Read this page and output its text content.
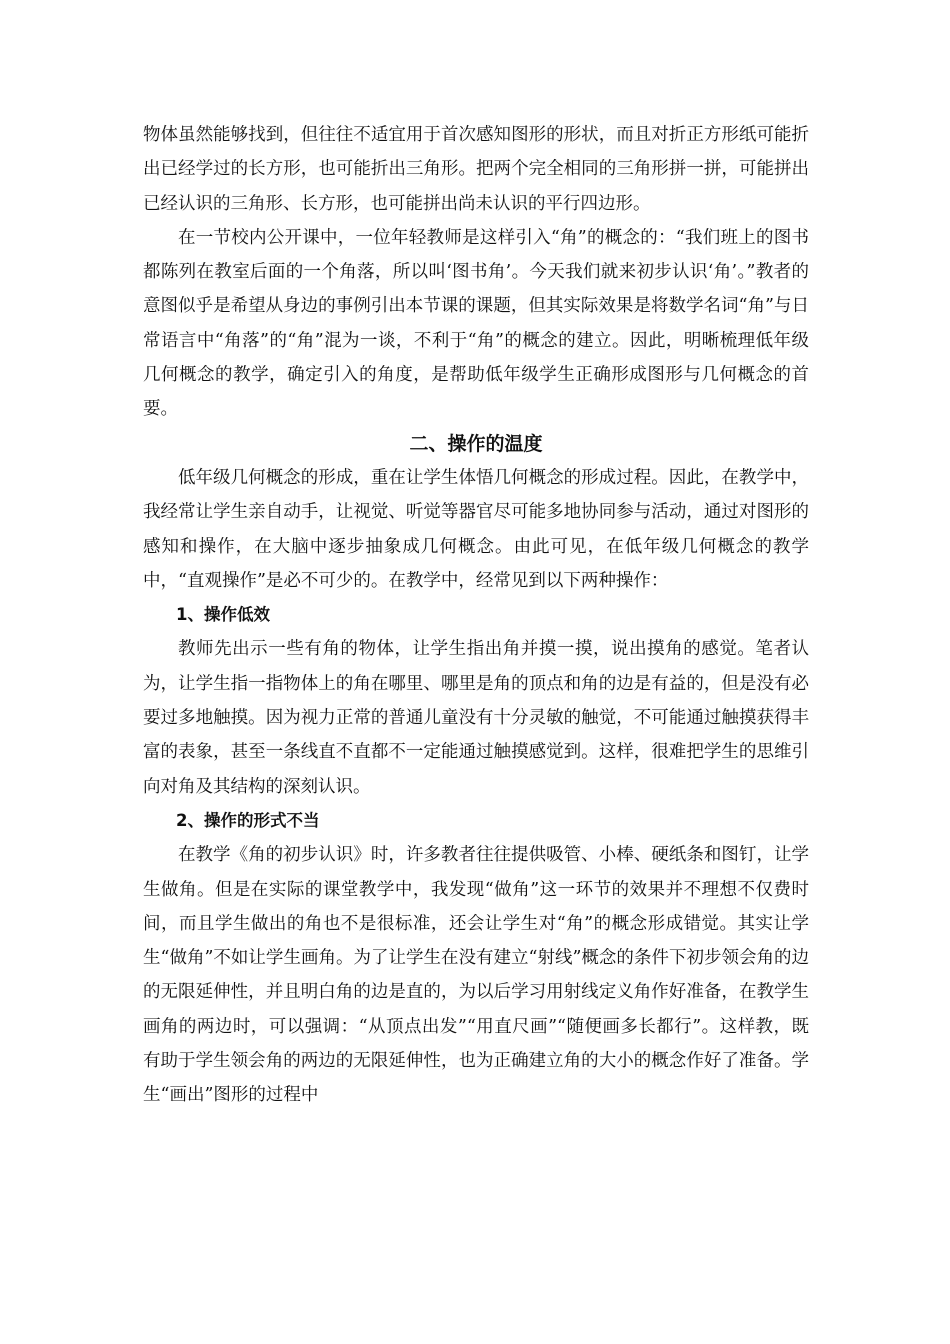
物体虽然能够找到，但往往不适宜用于首次感知图形的形状，而且对折正方形纸可能折出已经学过的长方形，也可能折出三角形。把两个完全相同的三角形拼一拼，可能拼出已经认识的三角形、长方形，也可能拼出尚未认识的平行四边形。

在一节校内公开课中，一位年轻教师是这样引入“角”的概念的：“我们班上的图书都陈列在教室后面的一个角落，所以叫‘图书角’。今天我们就来初步认识‘角’。”教者的意图似乎是希望从身边的事例引出本节课的课题，但其实际效果是将数学名词“角”与日常语言中“角落”的“角”混为一谈，不利于“角”的概念的建立。因此，明晰梳理低年级几何概念的教学，确定引入的角度，是帮助低年级学生正确形成图形与几何概念的首要。

二、操作的温度

低年级几何概念的形成，重在让学生体悟几何概念的形成过程。因此，在教学中，我经常让学生亲自动手，让视觉、听觉等器官尽可能多地协同参与活动，通过对图形的感知和操作，在大脑中逐步抽象成几何概念。由此可见，在低年级几何概念的教学中，“直观操作”是必不可少的。在教学中，经常见到以下两种操作：

1、操作低效

教师先出示一些有角的物体，让学生指出角并摸一摸，说出摸角的感觉。笔者认为，让学生指一指物体上的角在哪里、哪里是角的顶点和角的边是有益的，但是没有必要过多地触摸。因为视力正常的普通儿童没有十分灵敏的触觉，不可能通过触摸获得丰富的表象，甚至一条线直不直都不一定能通过触摸感觉到。这样，很难把学生的思维引向对角及其结构的深刻认识。

2、操作的形式不当

在教学《角的初步认识》时，许多教者往往提供吸管、小棒、硬纸条和图钉，让学生做角。但是在实际的课堂教学中，我发现“做角”这一环节的效果并不理想不仅费时间，而且学生做出的角也不是很标准，还会让学生对“角”的概念形成错觉。其实让学生“做角”不如让学生画角。为了让学生在没有建立“射线”概念的条件下初步领会角的边的无限延伸性，并且明白角的边是直的，为以后学习用射线定义角作好准备，在教学生画角的两边时，可以强调：“从顶点出发”“用直尺画”“随便画多长都行”。这样教，既有助于学生领会角的两边的无限延伸性，也为正确建立角的大小的概念作好了准备。学生“画出”图形的过程中
